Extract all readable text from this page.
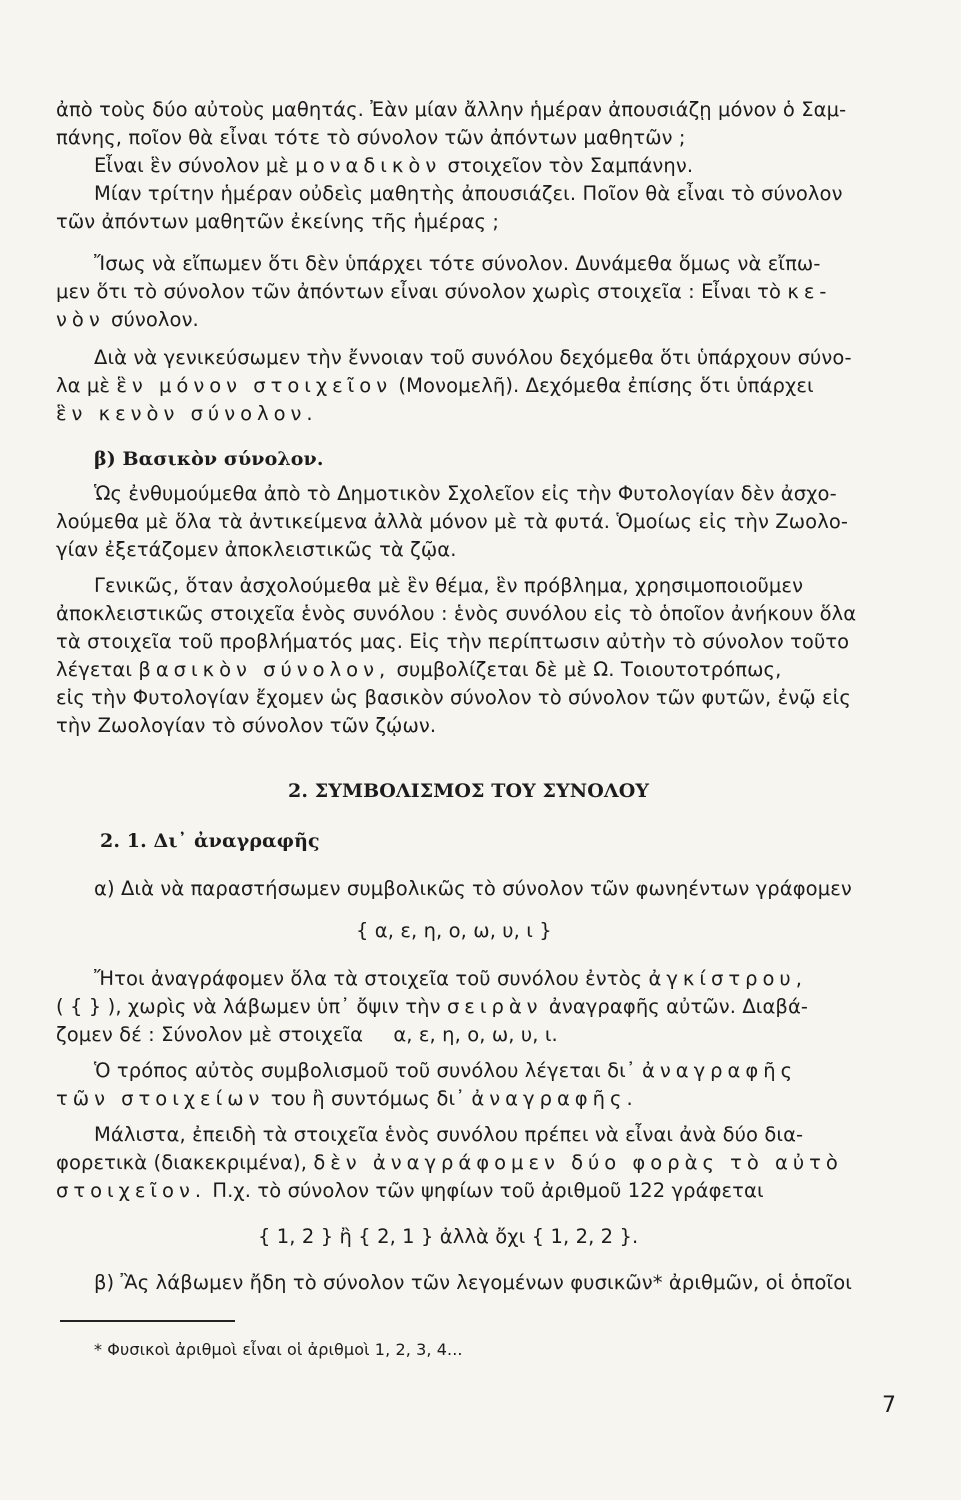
ἀπὸ τοὺς δύο αὐτοὺς μαθητάς. Ἐὰν μίαν ἄλλην ἡμέραν ἀπουσιάζῃ μόνον ὁ Σαμ-
πάνης, ποῖον θὰ εἶναι τότε τὸ σύνολον τῶν ἀπόντων μαθητῶν ;
Εἶναι ἓν σύνολον μὲ μοναδικὸν στοιχεῖον τὸν Σαμπάνην.
Μίαν τρίτην ἡμέραν οὐδεὶς μαθητὴς ἀπουσιάζει. Ποῖον θὰ εἶναι τὸ σύνολον
τῶν ἀπόντων μαθητῶν ἐκείνης τῆς ἡμέρας ;
Ἴσως νὰ εἴπωμεν ὅτι δὲν ὑπάρχει τότε σύνολον. Δυνάμεθα ὅμως νὰ εἴπω-
μεν ὅτι τὸ σύνολον τῶν ἀπόντων εἶναι σύνολον χωρὶς στοιχεῖα : Εἶναι τὸ κε-
νὸν σύνολον.
Διὰ νὰ γενικεύσωμεν τὴν ἔννοιαν τοῦ συνόλου δεχόμεθα ὅτι ὑπάρχουν σύνο-
λα μὲ ἓν μόνον στοιχεῖον (Μονομελῆ). Δεχόμεθα ἐπίσης ὅτι ὑπάρχει
ἓν κενὸν σύνολον.
β) Βασικὸν σύνολον.
Ὡς ἐνθυμούμεθα ἀπὸ τὸ Δημοτικὸν Σχολεῖον εἰς τὴν Φυτολογίαν δὲν ἀσχο-
λούμεθα μὲ ὅλα τὰ ἀντικείμενα ἀλλὰ μόνον μὲ τὰ φυτά. Ὁμοίως εἰς τὴν Ζωολο-
γίαν ἐξετάζομεν ἀποκλειστικῶς τὰ ζῷα.
Γενικῶς, ὅταν ἀσχολούμεθα μὲ ἓν θέμα, ἓν πρόβλημα, χρησιμοποιοῦμεν
ἀποκλειστικῶς στοιχεῖα ἑνὸς συνόλου : ἑνὸς συνόλου εἰς τὸ ὁποῖον ἀνήκουν ὅλα
τὰ στοιχεῖα τοῦ προβλήματός μας. Εἰς τὴν περίπτωσιν αὐτὴν τὸ σύνολον τοῦτο
λέγεται βασικὸν σύνολον, συμβολίζεται δὲ μὲ Ω. Τοιουτοτρόπως,
εἰς τὴν Φυτολογίαν ἔχομεν ὡς βασικὸν σύνολον τὸ σύνολον τῶν φυτῶν, ἐνῷ εἰς
τὴν Ζωολογίαν τὸ σύνολον τῶν ζῴων.
2. ΣΥΜΒΟΛΙΣΜΟΣ ΤΟΥ ΣΥΝΟΛΟΥ
2. 1. Δι᾽ ἀναγραφῆς
α) Διὰ νὰ παραστήσωμεν συμβολικῶς τὸ σύνολον τῶν φωνηέντων γράφομεν
{ α, ε, η, ο, ω, υ, ι }
Ἤτοι ἀναγράφομεν ὅλα τὰ στοιχεῖα τοῦ συνόλου ἐντὸς ἀγκίστρου,
( { } ), χωρὶς νὰ λάβωμεν ὑπ᾽ ὄψιν τὴν σειρὰν ἀναγραφῆς αὐτῶν. Διαβά-
ζομεν δέ : Σύνολον μὲ στοιχεῖα α, ε, η, ο, ω, υ, ι.
Ὁ τρόπος αὐτὸς συμβολισμοῦ τοῦ συνόλου λέγεται δι᾽ ἀναγραφῆς
τῶν στοιχείων του ἢ συντόμως δι᾽ ἀναγραφῆς.
Μάλιστα, ἐπειδὴ τὰ στοιχεῖα ἑνὸς συνόλου πρέπει νὰ εἶναι ἀνὰ δύο δια-
φορετικὰ (διακεκριμένα), δὲν ἀναγράφομεν δύο φορὰς τὸ αὐτὸ
στοιχεῖον. Π.χ. τὸ σύνολον τῶν ψηφίων τοῦ ἀριθμοῦ 122 γράφεται
{ 1, 2 } ἢ { 2, 1 } ἀλλὰ ὄχι { 1, 2, 2 }.
β) Ἂς λάβωμεν ἤδη τὸ σύνολον τῶν λεγομένων φυσικῶν* ἀριθμῶν, οἱ ὁποῖοι
* Φυσικοὶ ἀριθμοὶ εἶναι οἱ ἀριθμοὶ 1, 2, 3, 4...
7
